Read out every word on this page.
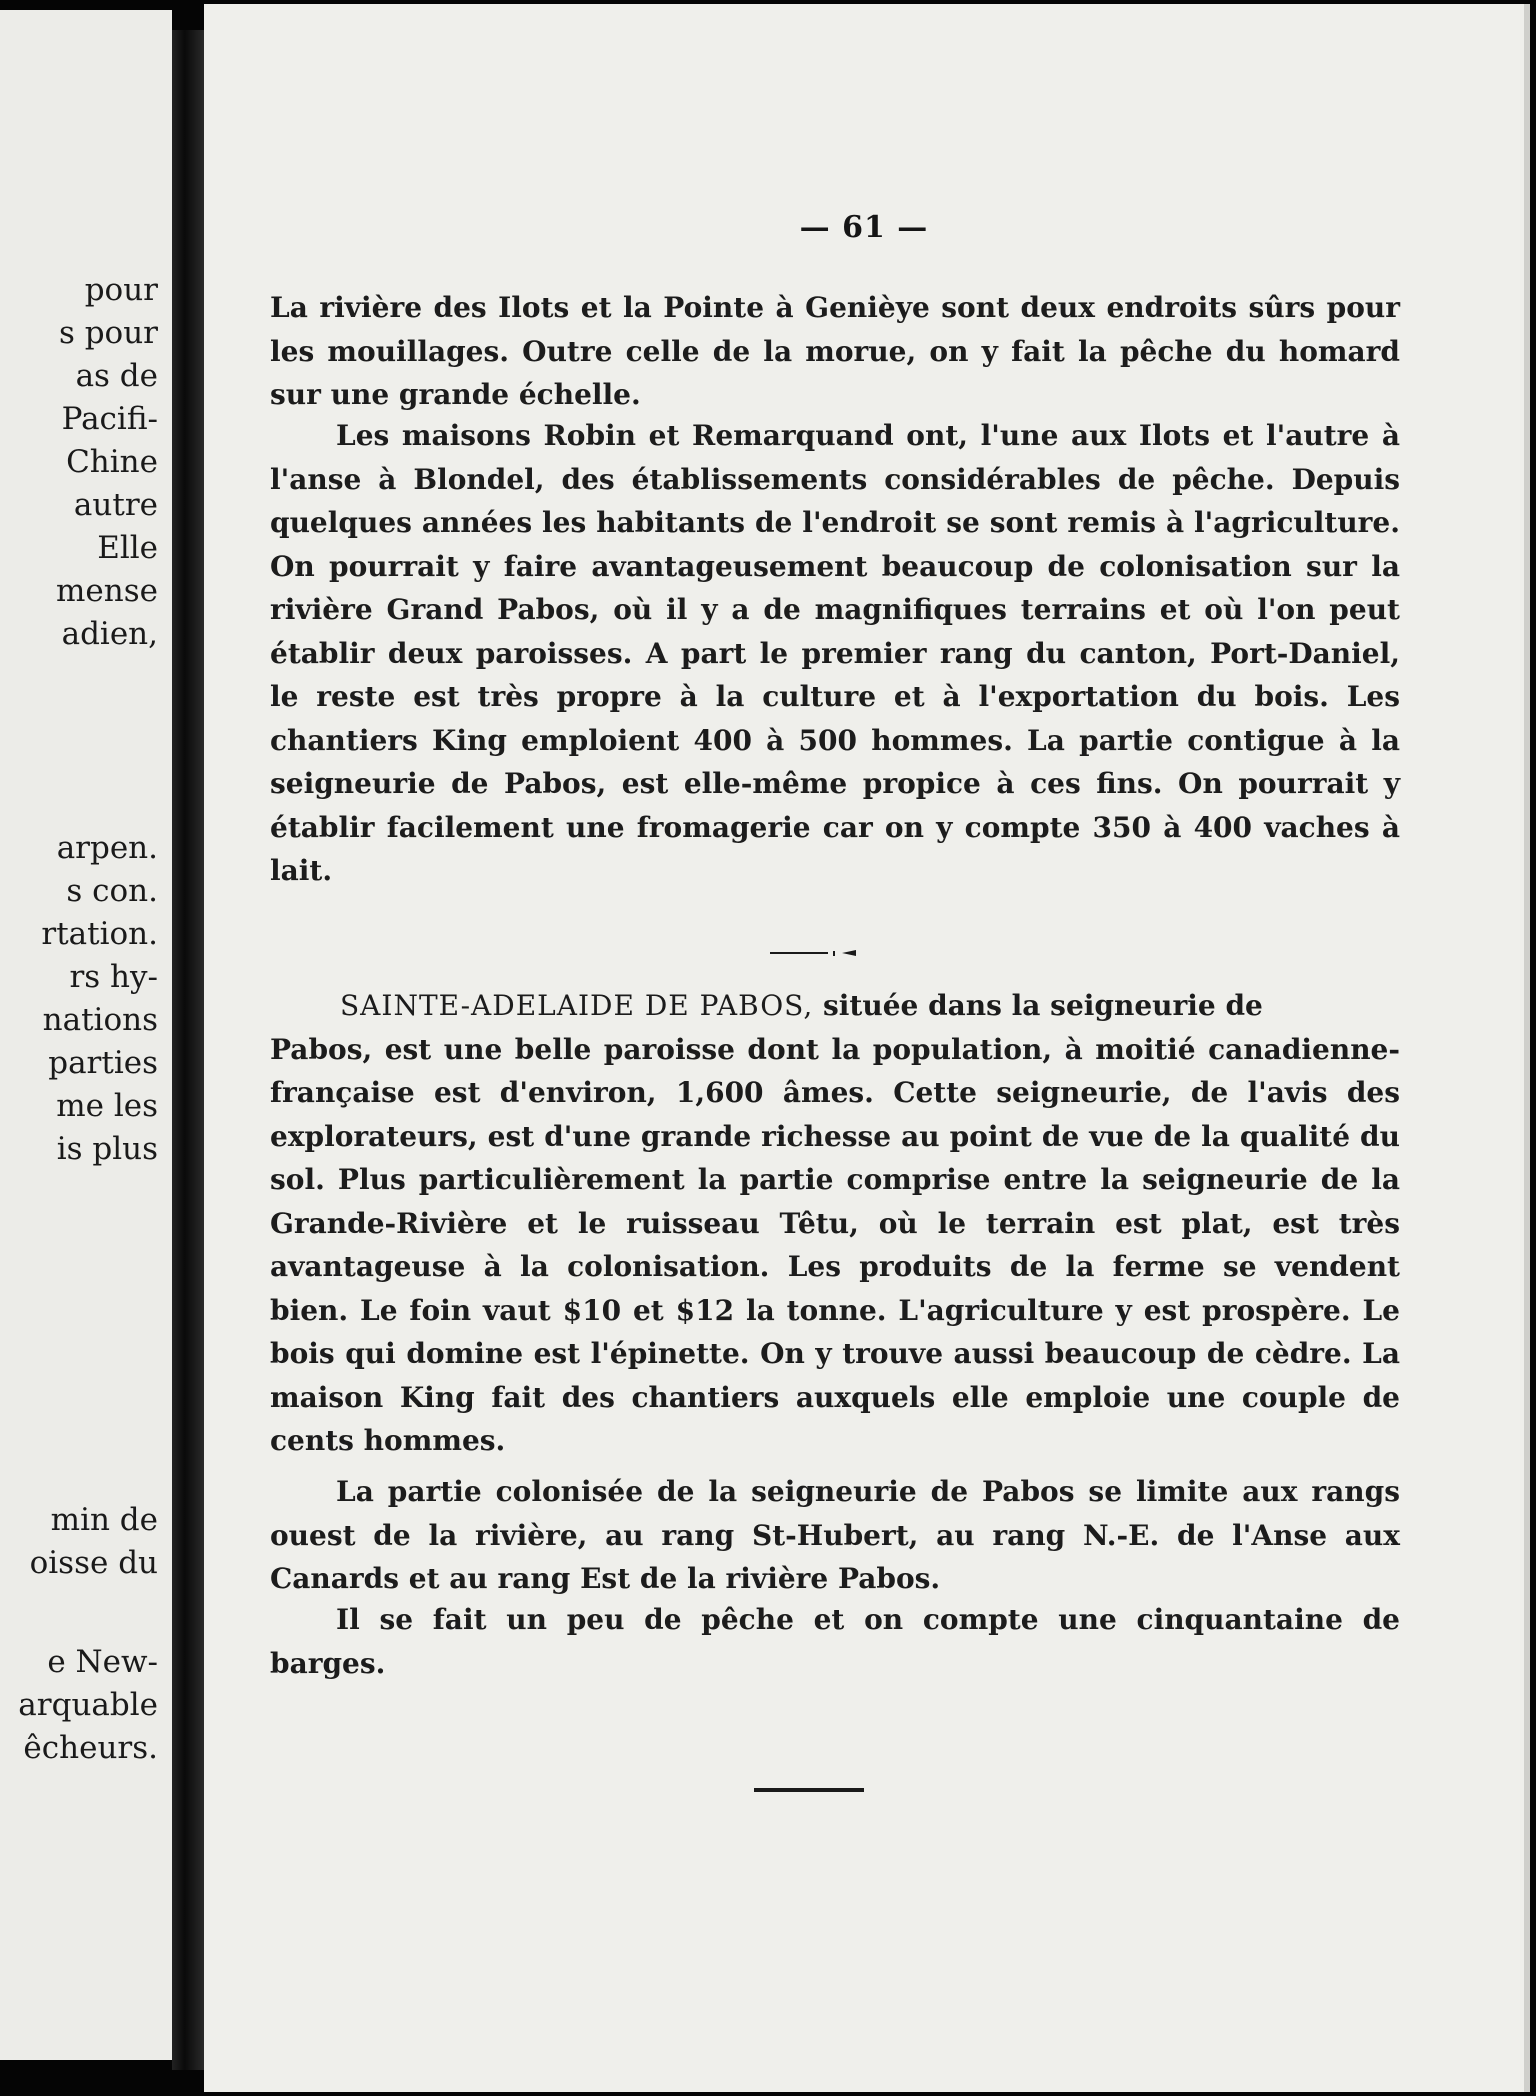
pour
s pour
as de
Pacifi-
Chine
autre
Elle
mense
adien,
arpen.
s con.
rtation.
rs hy-
nations
parties
me les
is plus
min de
oisse du
e New-
arquable
êcheurs.
— 61 —

La rivière des Ilots et la Pointe à Genièye sont deux endroits sûrs pour les mouillages. Outre celle de la morue, on y fait la pêche du homard sur une grande échelle.

Les maisons Robin et Remarquand ont, l'une aux Ilots et l'autre à l'anse à Blondel, des établissements considérables de pêche. Depuis quelques années les habitants de l'endroit se sont remis à l'agriculture. On pourrait y faire avantageusement beaucoup de colonisation sur la rivière Grand Pabos, où il y a de magnifiques terrains et où l'on peut établir deux paroisses. A part le premier rang du canton, Port-Daniel, le reste est très propre à la culture et à l'exportation du bois. Les chantiers King emploient 400 à 500 hommes. La partie contigue à la seigneurie de Pabos, est elle-même propice à ces fins. On pourrait y établir facilement une fromagerie car on y compte 350 à 400 vaches à lait.

SAINTE-ADELAIDE DE PABOS, située dans la seigneurie de

Pabos, est une belle paroisse dont la population, à moitié canadienne-française est d'environ, 1,600 âmes. Cette seigneurie, de l'avis des explorateurs, est d'une grande richesse au point de vue de la qualité du sol. Plus particulièrement la partie comprise entre la seigneurie de la Grande-Rivière et le ruisseau Têtu, où le terrain est plat, est très avantageuse à la colonisation. Les produits de la ferme se vendent bien. Le foin vaut $10 et $12 la tonne. L'agriculture y est prospère. Le bois qui domine est l'épinette. On y trouve aussi beaucoup de cèdre. La maison King fait des chantiers auxquels elle emploie une couple de cents hommes.

La partie colonisée de la seigneurie de Pabos se limite aux rangs ouest de la rivière, au rang St-Hubert, au rang N.-E. de l'Anse aux Canards et au rang Est de la rivière Pabos.

Il se fait un peu de pêche et on compte une cinquantaine de barges.
